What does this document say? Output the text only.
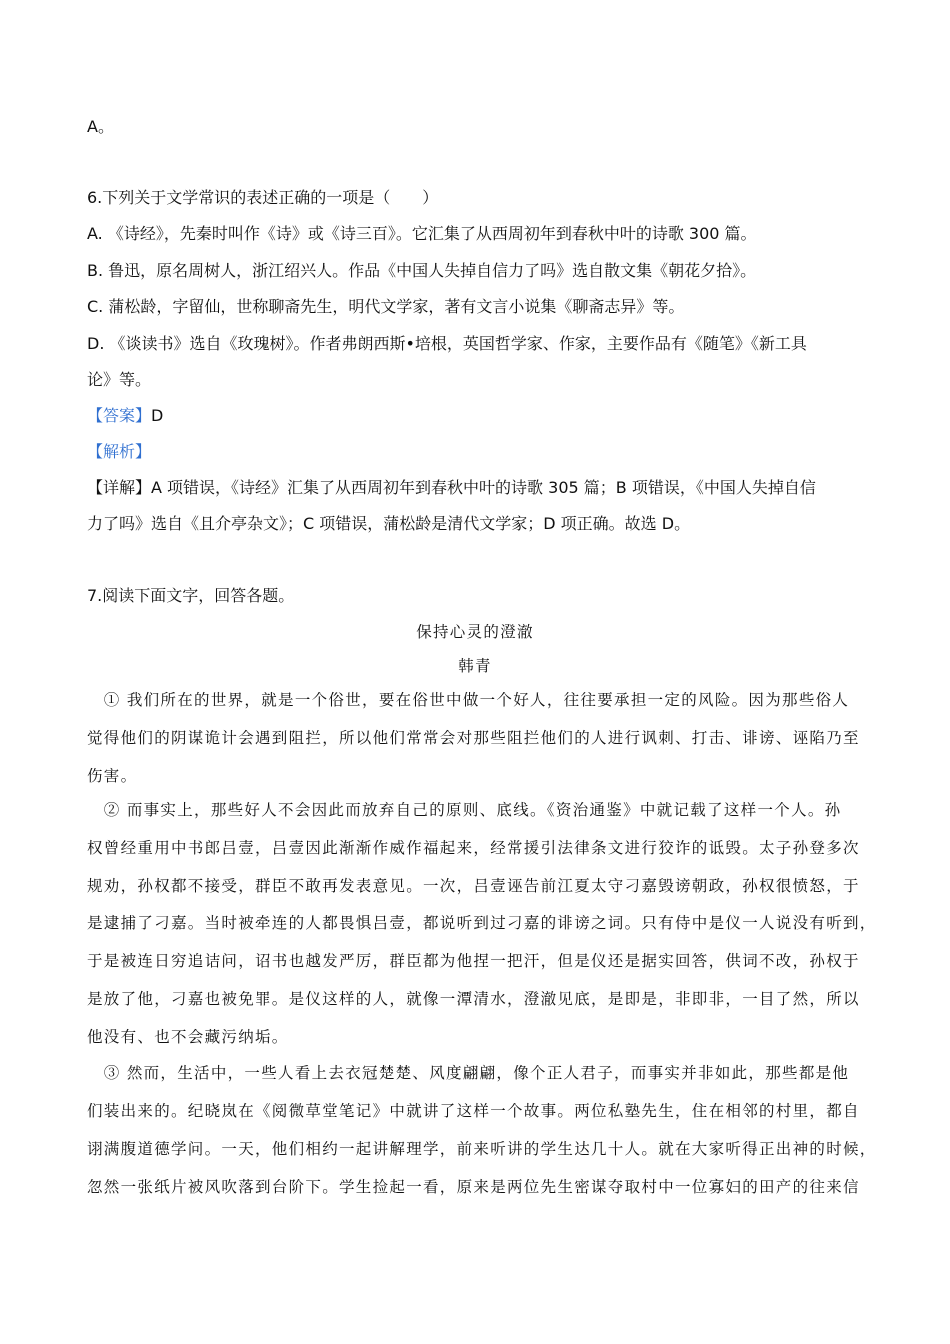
A。
6.下列关于文学常识的表述正确的一项是（　　）
A. 《诗经》，先秦时叫作《诗》或《诗三百》。它汇集了从西周初年到春秋中叶的诗歌 300 篇。
B. 鲁迅，原名周树人，浙江绍兴人。作品《中国人失掉自信力了吗》选自散文集《朝花夕拾》。
C. 蒲松龄，字留仙，世称聊斋先生，明代文学家，著有文言小说集《聊斋志异》等。
D. 《谈读书》选自《玫瑰树》。作者弗朗西斯•培根，英国哲学家、作家，主要作品有《随笔》《新工具
论》等。
【答案】D
【解析】
【详解】A 项错误，《诗经》汇集了从西周初年到春秋中叶的诗歌 305 篇；B 项错误，《中国人失掉自信
力了吗》选自《且介亭杂文》；C 项错误，蒲松龄是清代文学家；D 项正确。故选 D。
7.阅读下面文字，回答各题。
保持心灵的澄澈
韩青
　① 我们所在的世界，就是一个俗世，要在俗世中做一个好人，往往要承担一定的风险。因为那些俗人
觉得他们的阴谋诡计会遇到阻拦，所以他们常常会对那些阻拦他们的人进行讽刺、打击、诽谤、诬陷乃至
伤害。
　② 而事实上，那些好人不会因此而放弃自己的原则、底线。《资治通鉴》中就记载了这样一个人。孙
权曾经重用中书郎吕壹，吕壹因此渐渐作威作福起来，经常援引法律条文进行狡诈的诋毁。太子孙登多次
规劝，孙权都不接受，群臣不敢再发表意见。一次，吕壹诬告前江夏太守刁嘉毁谤朝政，孙权很愤怒，于
是逮捕了刁嘉。当时被牵连的人都畏惧吕壹，都说听到过刁嘉的诽谤之词。只有侍中是仪一人说没有听到，
于是被连日穷追诘问，诏书也越发严厉，群臣都为他捏一把汗，但是仪还是据实回答，供词不改，孙权于
是放了他，刁嘉也被免罪。是仪这样的人，就像一潭清水，澄澈见底，是即是，非即非，一目了然，所以
他没有、也不会藏污纳垢。
　③ 然而，生活中，一些人看上去衣冠楚楚、风度翩翩，像个正人君子，而事实并非如此，那些都是他
们装出来的。纪晓岚在《阅微草堂笔记》中就讲了这样一个故事。两位私塾先生，住在相邻的村里，都自
诩满腹道德学问。一天，他们相约一起讲解理学，前来听讲的学生达几十人。就在大家听得正出神的时候，
忽然一张纸片被风吹落到台阶下。学生捡起一看，原来是两位先生密谋夺取村中一位寡妇的田产的往来信
